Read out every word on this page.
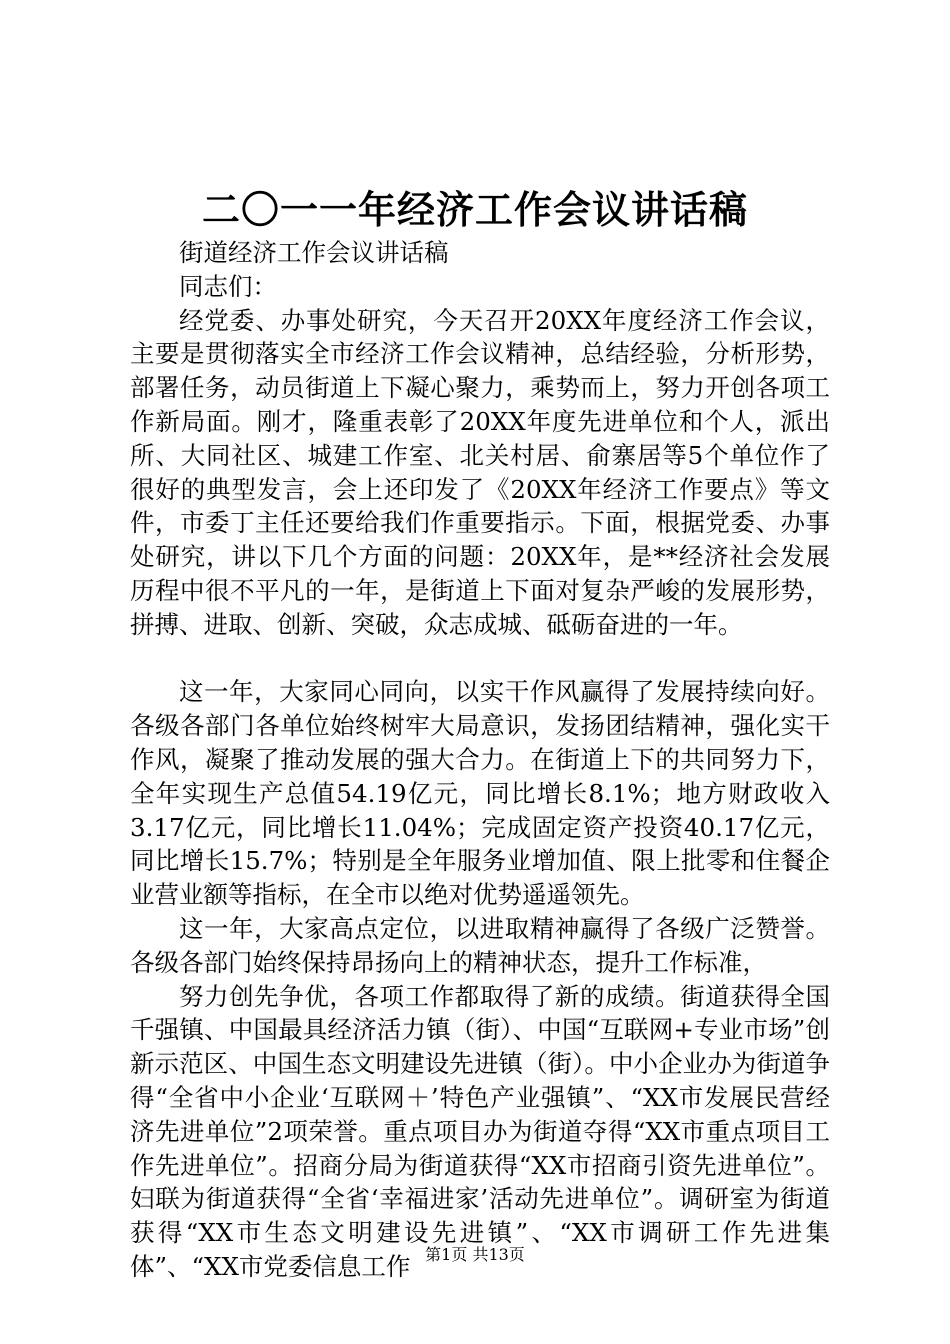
二〇一一年经济工作会议讲话稿

街道经济工作会议讲话稿

同志们：

经党委、办事处研究，今天召开20XX年度经济工作会议，主要是贯彻落实全市经济工作会议精神，总结经验，分析形势，部署任务，动员街道上下凝心聚力，乘势而上，努力开创各项工作新局面。刚才，隆重表彰了20XX年度先进单位和个人，派出所、大同社区、城建工作室、北关村居、俞寨居等5个单位作了很好的典型发言，会上还印发了《20XX年经济工作要点》等文件，市委丁主任还要给我们作重要指示。下面，根据党委、办事处研究，讲以下几个方面的问题：20XX年，是**经济社会发展历程中很不平凡的一年，是街道上下面对复杂严峻的发展形势，拼搏、进取、创新、突破，众志成城、砥砺奋进的一年。

这一年，大家同心同向，以实干作风赢得了发展持续向好。各级各部门各单位始终树牢大局意识，发扬团结精神，强化实干作风，凝聚了推动发展的强大合力。在街道上下的共同努力下，全年实现生产总值54.19亿元，同比增长8.1%；地方财政收入3.17亿元，同比增长11.04%；完成固定资产投资40.17亿元，同比增长15.7%；特别是全年服务业增加值、限上批零和住餐企业营业额等指标，在全市以绝对优势遥遥领先。

这一年，大家高点定位，以进取精神赢得了各级广泛赞誉。各级各部门始终保持昂扬向上的精神状态，提升工作标准，

努力创先争优，各项工作都取得了新的成绩。街道获得全国千强镇、中国最具经济活力镇（街）、中国“互联网+专业市场”创新示范区、中国生态文明建设先进镇（街）。中小企业办为街道争得“全省中小企业‘互联网＋’特色产业强镇”、“XX市发展民营经济先进单位”2项荣誉。重点项目办为街道夺得“XX市重点项目工作先进单位”。招商分局为街道获得“XX市招商引资先进单位”。妇联为街道获得“全省‘幸福进家’活动先进单位”。调研室为街道获得“XX市生态文明建设先进镇”、“XX市调研工作先进集体”、“XX市党委信息工作 第1页 共13页
